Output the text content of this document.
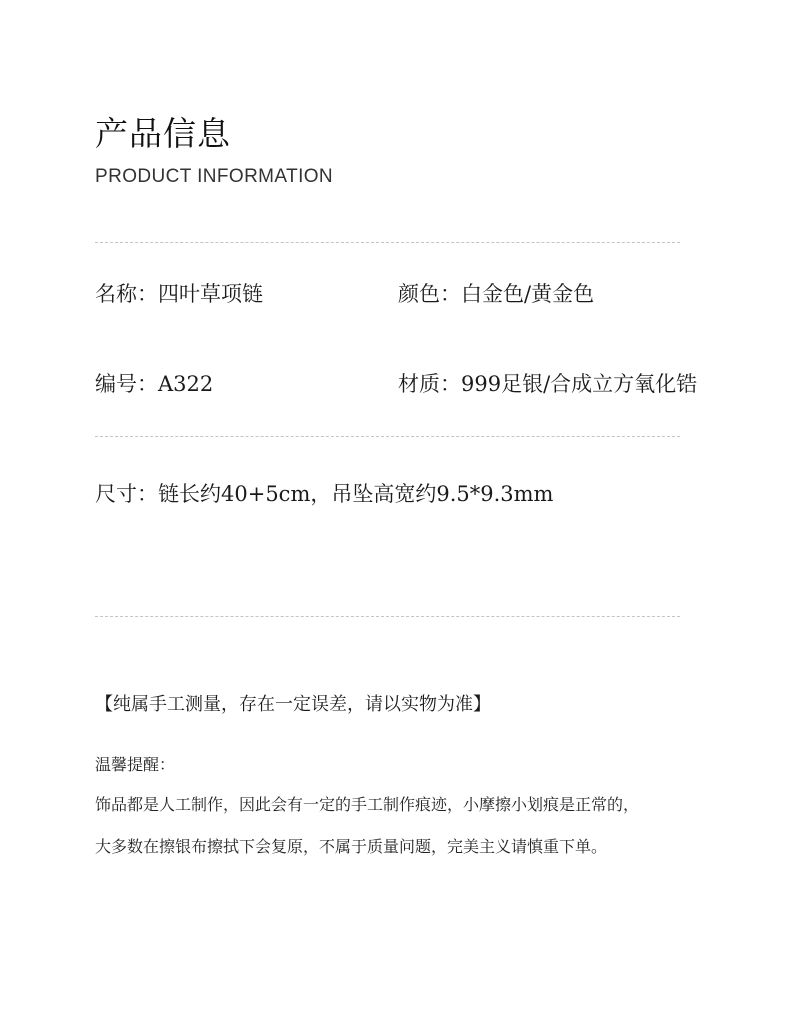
产品信息
PRODUCT INFORMATION
名称：四叶草项链	颜色：白金色/黄金色
编号：A322	材质：999足银/合成立方氧化锆
尺寸：链长约40+5cm，吊坠高宽约9.5*9.3mm
【纯属手工测量，存在一定误差，请以实物为准】
温馨提醒：
饰品都是人工制作，因此会有一定的手工制作痕迹，小摩擦小划痕是正常的，
大多数在擦银布擦拭下会复原，不属于质量问题，完美主义请慎重下单。
